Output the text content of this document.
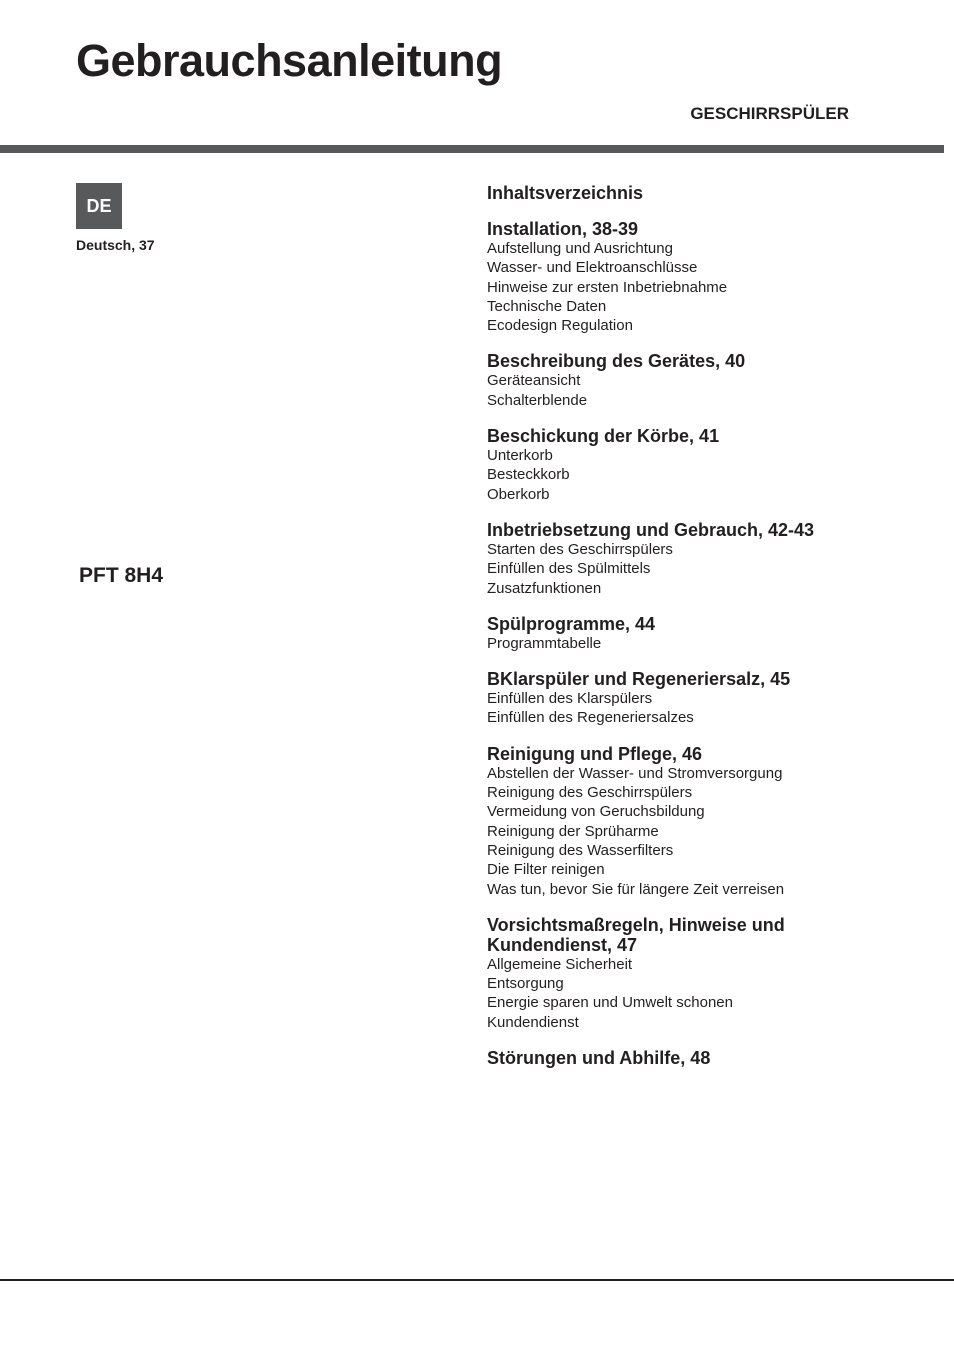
Gebrauchsanleitung
GESCHIRRSPÜLER
DE
Deutsch, 37
PFT 8H4
Inhaltsverzeichnis
Installation, 38-39
Aufstellung und Ausrichtung
Wasser- und Elektroanschlüsse
Hinweise zur ersten Inbetriebnahme
Technische Daten
Ecodesign Regulation
Beschreibung des Gerätes, 40
Geräteansicht
Schalterblende
Beschickung der Körbe, 41
Unterkorb
Besteckkorb
Oberkorb
Inbetriebsetzung und Gebrauch, 42-43
Starten des Geschirrspülers
Einfüllen des Spülmittels
Zusatzfunktionen
Spülprogramme, 44
Programmtabelle
BKlarspüler und Regeneriersalz, 45
Einfüllen des Klarspülers
Einfüllen des Regeneriersalzes
Reinigung und Pflege, 46
Abstellen der Wasser- und Stromversorgung
Reinigung des Geschirrspülers
Vermeidung von Geruchsbildung
Reinigung der Sprüharme
Reinigung des Wasserfilters
Die Filter reinigen
Was tun, bevor Sie für längere Zeit verreisen
Vorsichtsmaßregeln, Hinweise und Kundendienst, 47
Allgemeine Sicherheit
Entsorgung
Energie sparen und Umwelt schonen
Kundendienst
Störungen und Abhilfe, 48
